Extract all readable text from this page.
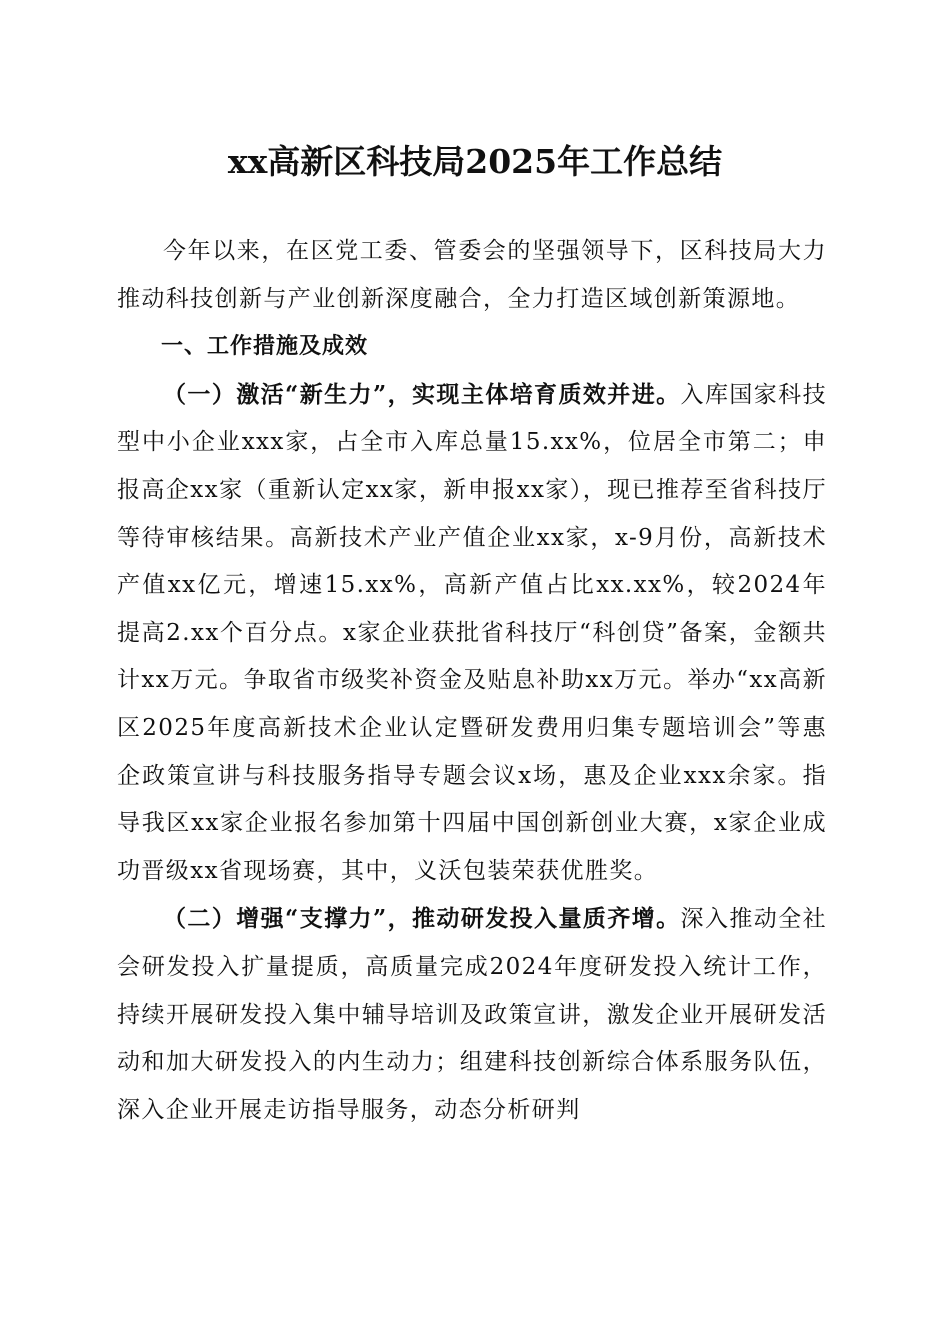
xx高新区科技局2025年工作总结

今年以来，在区党工委、管委会的坚强领导下，区科技局大力推动科技创新与产业创新深度融合，全力打造区域创新策源地。

一、工作措施及成效

（一）激活“新生力”，实现主体培育质效并进。入库国家科技型中小企业xxx家，占全市入库总量15.xx%，位居全市第二；申报高企xx家（重新认定xx家，新申报xx家），现已推荐至省科技厅等待审核结果。高新技术产业产值企业xx家，x-9月份，高新技术产值xx亿元，增速15.xx%，高新产值占比xx.xx%，较2024年提高2.xx个百分点。x家企业获批省科技厅“科创贷”备案，金额共计xx万元。争取省市级奖补资金及贴息补助xx万元。举办“xx高新区2025年度高新技术企业认定暨研发费用归集专题培训会”等惠企政策宣讲与科技服务指导专题会议x场，惠及企业xxx余家。指导我区xx家企业报名参加第十四届中国创新创业大赛，x家企业成功晋级xx省现场赛，其中，义沃包装荣获优胜奖。

（二）增强“支撑力”，推动研发投入量质齐增。深入推动全社会研发投入扩量提质，高质量完成2024年度研发投入统计工作，持续开展研发投入集中辅导培训及政策宣讲，激发企业开展研发活动和加大研发投入的内生动力；组建科技创新综合体系服务队伍，深入企业开展走访指导服务，动态分析研判
